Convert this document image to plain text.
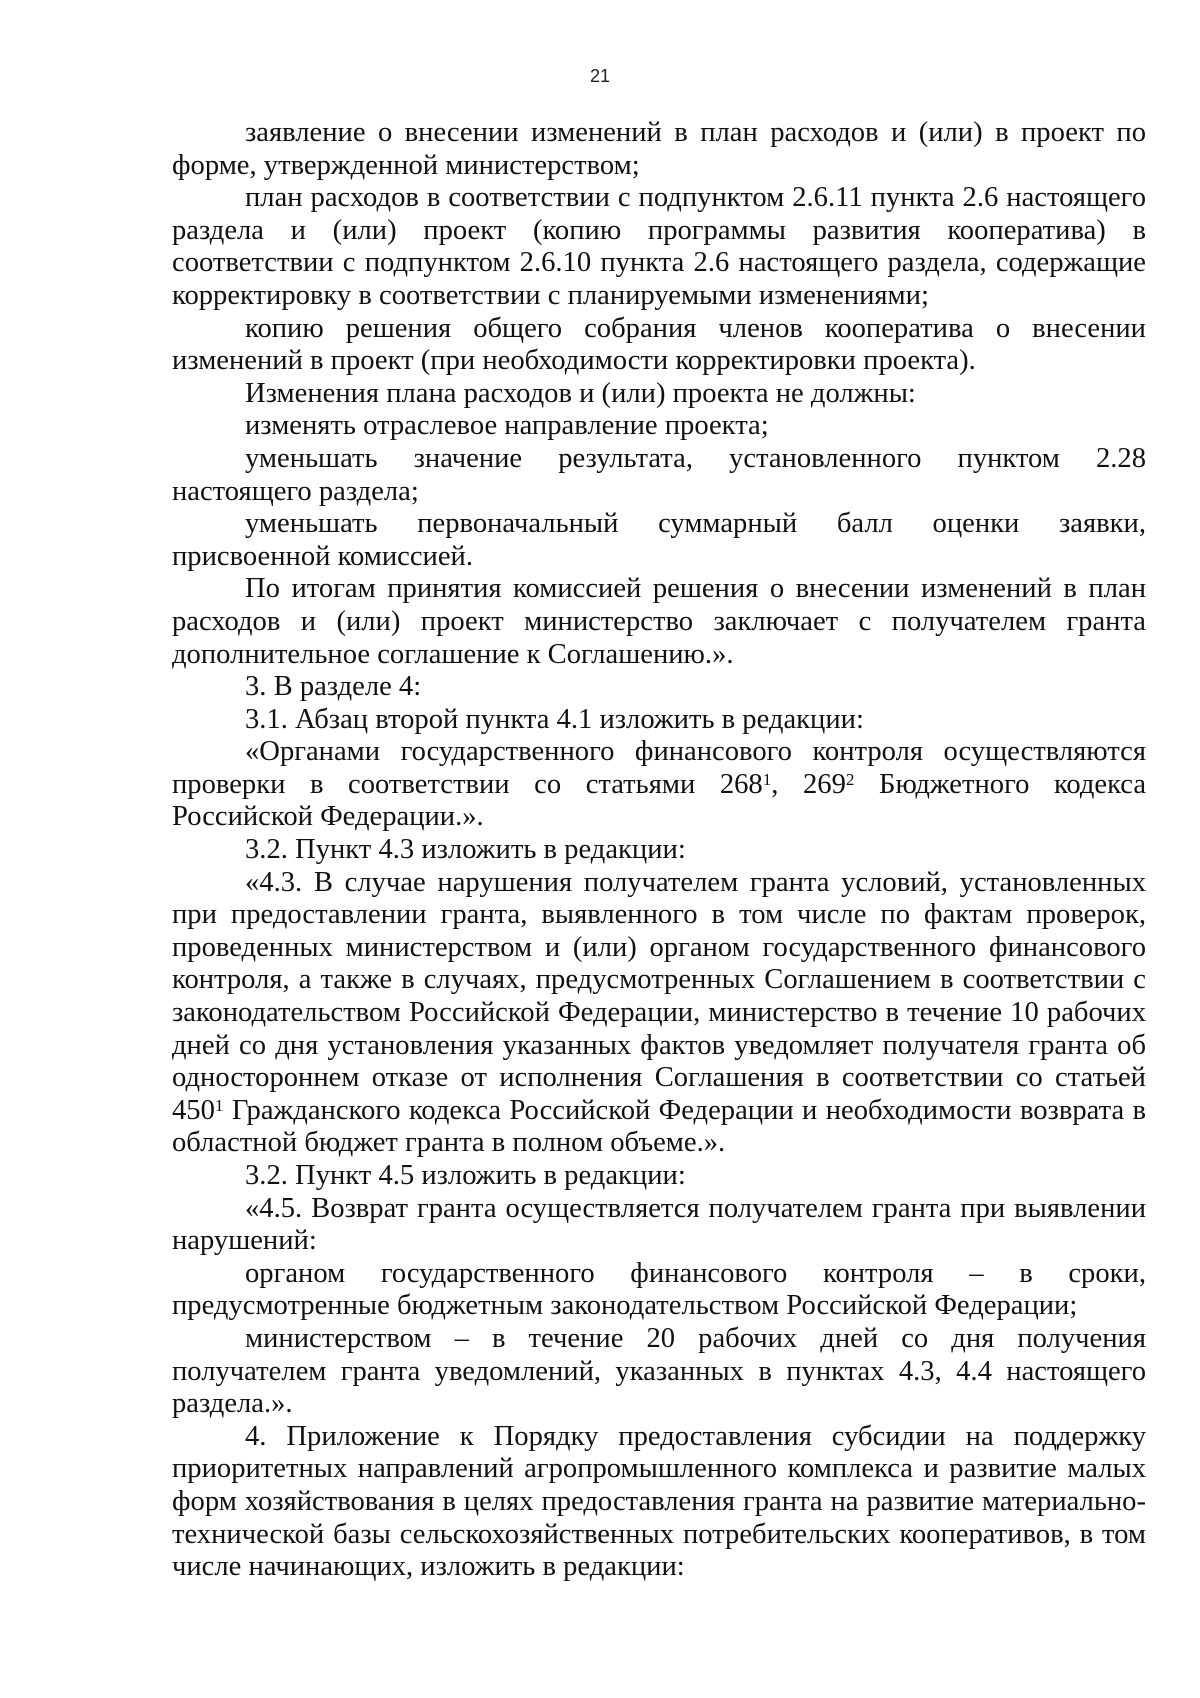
21

заявление о внесении изменений в план расходов и (или) в проект по форме, утвержденной министерством;

план расходов в соответствии с подпунктом 2.6.11 пункта 2.6 настоящего раздела и (или) проект (копию программы развития кооператива) в соответствии с подпунктом 2.6.10 пункта 2.6 настоящего раздела, содержащие корректировку в соответствии с планируемыми изменениями;

копию решения общего собрания членов кооператива о внесении изменений в проект (при необходимости корректировки проекта).

Изменения плана расходов и (или) проекта не должны:

изменять отраслевое направление проекта;

уменьшать значение результата, установленного пунктом 2.28 настоящего раздела;

уменьшать первоначальный суммарный балл оценки заявки, присвоенной комиссией.

По итогам принятия комиссией решения о внесении изменений в план расходов и (или) проект министерство заключает с получателем гранта дополнительное соглашение к Соглашению.».

3. В разделе 4:

3.1. Абзац второй пункта 4.1 изложить в редакции:

«Органами государственного финансового контроля осуществляются проверки в соответствии со статьями $268^1$, $269^2$ Бюджетного кодекса Российской Федерации.».

3.2. Пункт 4.3 изложить в редакции:

«4.3. В случае нарушения получателем гранта условий, установленных при предоставлении гранта, выявленного в том числе по фактам проверок, проведенных министерством и (или) органом государственного финансового контроля, а также в случаях, предусмотренных Соглашением в соответствии с законодательством Российской Федерации, министерство в течение 10 рабочих дней со дня установления указанных фактов уведомляет получателя гранта об одностороннем отказе от исполнения Соглашения в соответствии со статьей $450^1$ Гражданского кодекса Российской Федерации и необходимости возврата в областной бюджет гранта в полном объеме.».

3.2. Пункт 4.5 изложить в редакции:

«4.5. Возврат гранта осуществляется получателем гранта при выявлении нарушений:

органом государственного финансового контроля – в сроки, предусмотренные бюджетным законодательством Российской Федерации;

министерством – в течение 20 рабочих дней со дня получения получателем гранта уведомлений, указанных в пунктах 4.3, 4.4 настоящего раздела.».

4. Приложение к Порядку предоставления субсидии на поддержку приоритетных направлений агропромышленного комплекса и развитие малых форм хозяйствования в целях предоставления гранта на развитие материально-технической базы сельскохозяйственных потребительских кооперативов, в том числе начинающих, изложить в редакции:
